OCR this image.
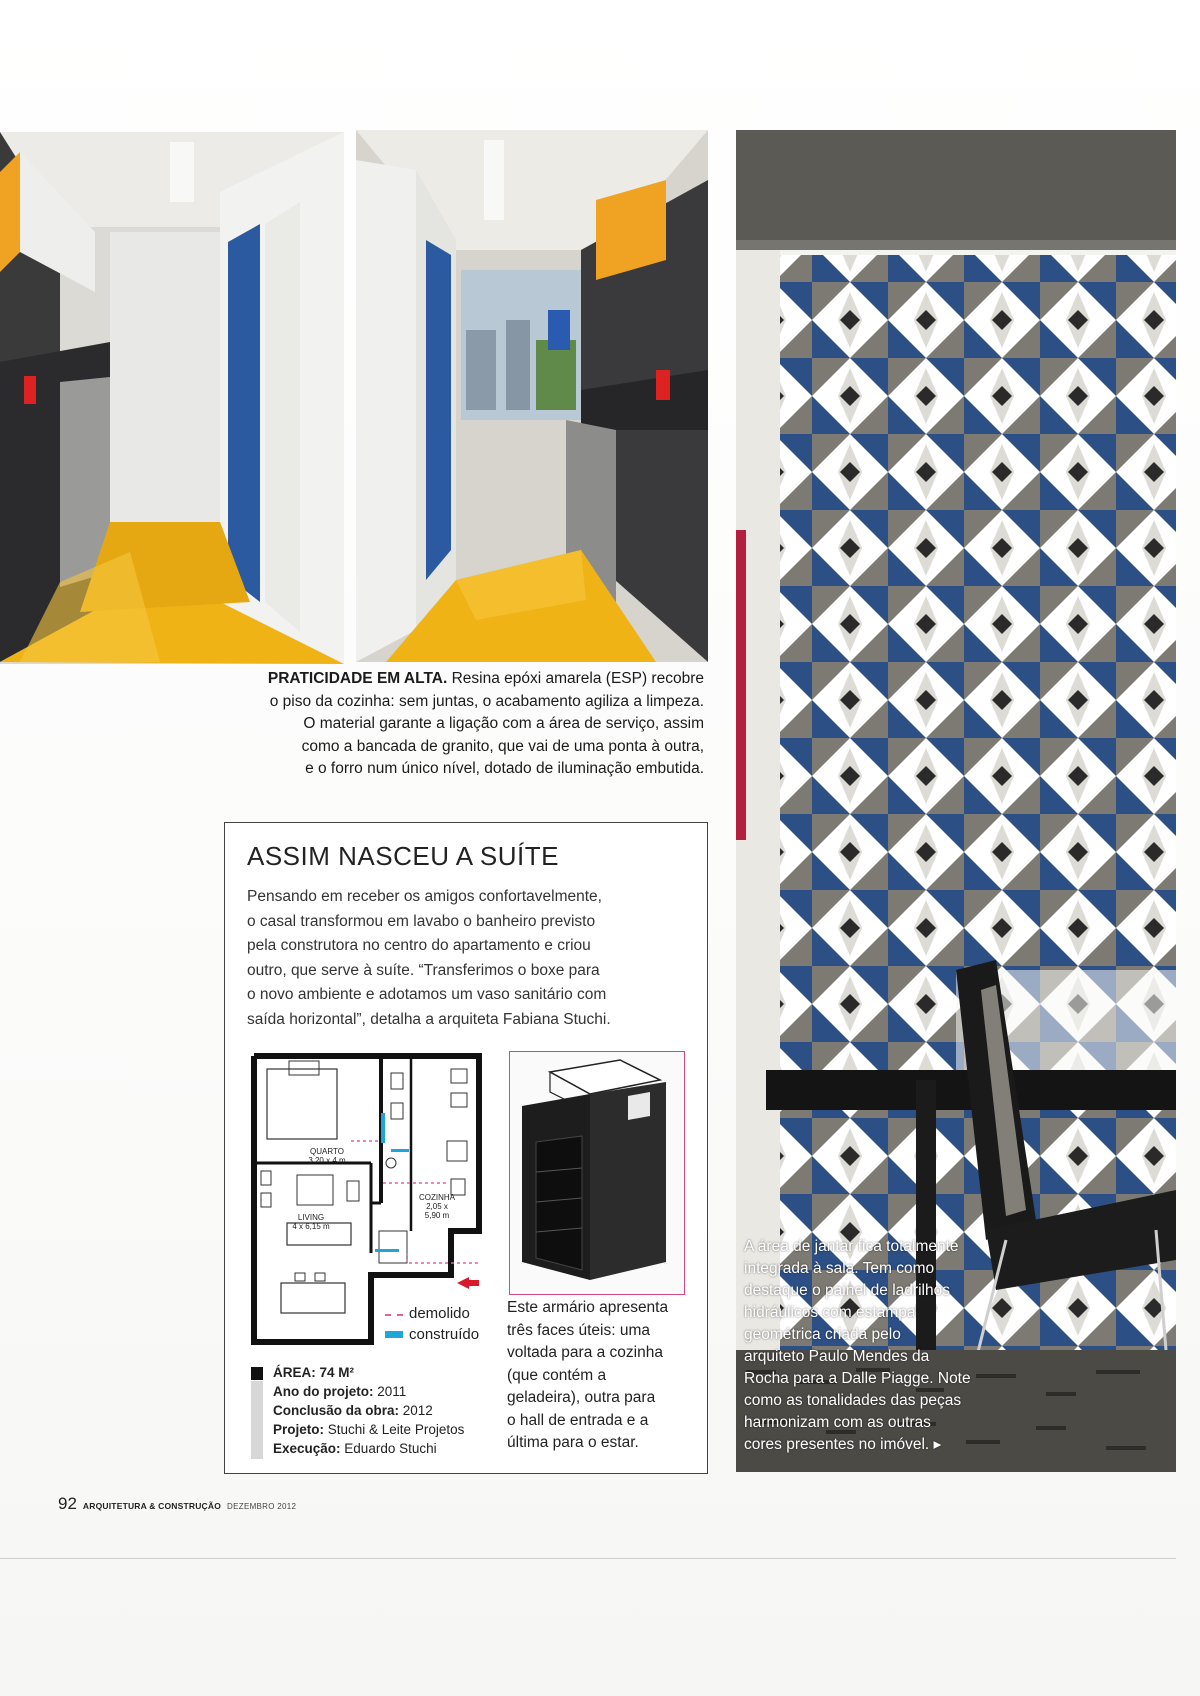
PRATICIDADE EM ALTA. Resina epóxi amarela (ESP) recobre
o piso da cozinha: sem juntas, o acabamento agiliza a limpeza.
O material garante a ligação com a área de serviço, assim
como a bancada de granito, que vai de uma ponta à outra,
e o forro num único nível, dotado de iluminação embutida.
ASSIM NASCEU A SUÍTE
Pensando em receber os amigos confortavelmente,
o casal transformou em lavabo o banheiro previsto
pela construtora no centro do apartamento e criou
outro, que serve à suíte. “Transferimos o boxe para
o novo ambiente e adotamos um vaso sanitário com
saída horizontal”, detalha a arquiteta Fabiana Stuchi.
QUARTO
3,20 x 4 m
COZINHA
2,05 x
5,90 m
LIVING
4 x 6,15 m
demolido
construído
ÁREA: 74 M²
Ano do projeto: 2011
Conclusão da obra: 2012
Projeto: Stuchi & Leite Projetos
Execução: Eduardo Stuchi
Este armário apresenta
três faces úteis: uma
voltada para a cozinha
(que contém a
geladeira), outra para
o hall de entrada e a
última para o estar.
A área de jantar fica totalmente
integrada à sala. Tem como
destaque o painel de ladrilhos
hidráulicos com estampa
geométrica criada pelo
arquiteto Paulo Mendes da
Rocha para a Dalle Piagge. Note
como as tonalidades das peças
harmonizam com as outras
cores presentes no imóvel. ▸
92 ARQUITETURA & CONSTRUÇÃO DEZEMBRO 2012
